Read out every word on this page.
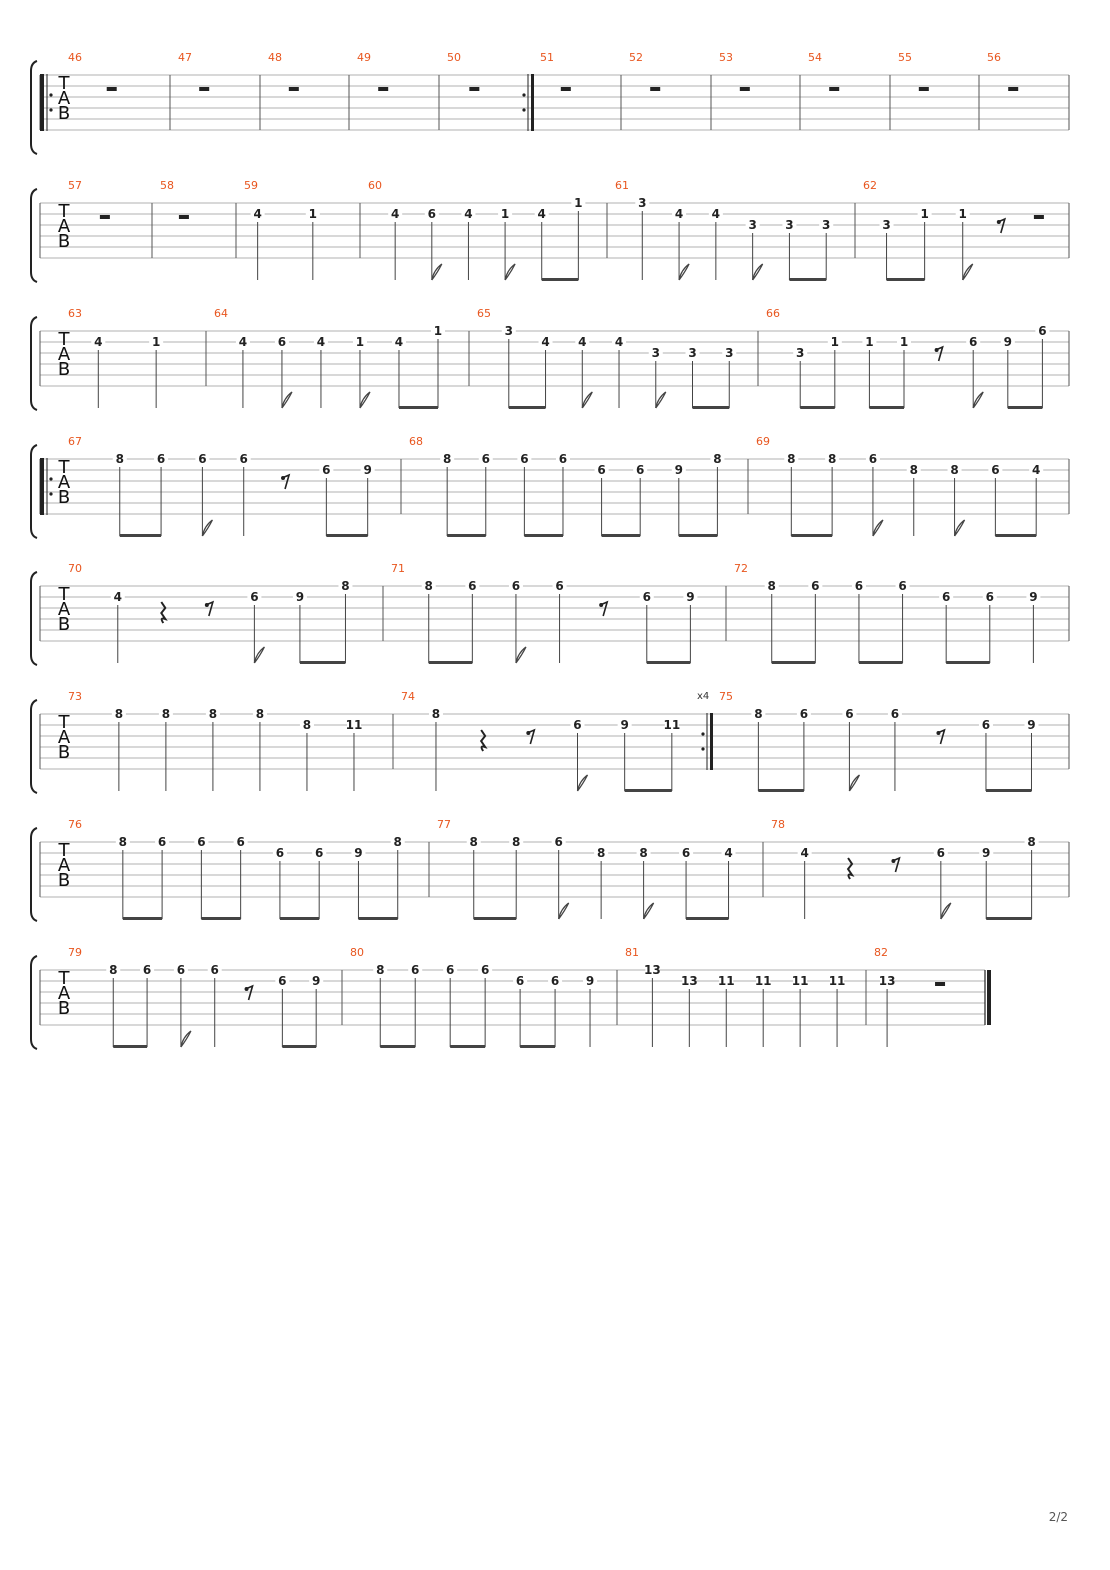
T
A
B
46	47	48	49	50	51	52	53	54	55	56
T
A
B
57	58	59
4	1
60
4 6 4 1 4
1
61
3
4 4
3 3 3
62
3
1 1
T
A
B
63
4	1
64
4	6	4	1	4
1
65
3
4 4 4
3 3 3
66
3
1 1 1	6 9
6
T
A
B
67
8	6	6	6
6	9
68
8	6	6	6
6	6	9
8
69
8	8	6
8	8	6	4
T
A
B
70
4	6	9
8
71
8	6	6	6
6	9
72
8	6	6	6
6	6	9
T
A
B
x4
73
8	8	8	8
8	11
74
8
6	9	11
75
8	6	6	6
6	9
T
A
B
76
8	6	6	6
6	6	9
8
77
8	8	6
8	8	6	4
78
4	6	9
8
T
A
B
79
8 6 6 6
6 9
80
8 6 6 6
6 6 9
81
13
13 11 11 11 11
82
13
2/2
